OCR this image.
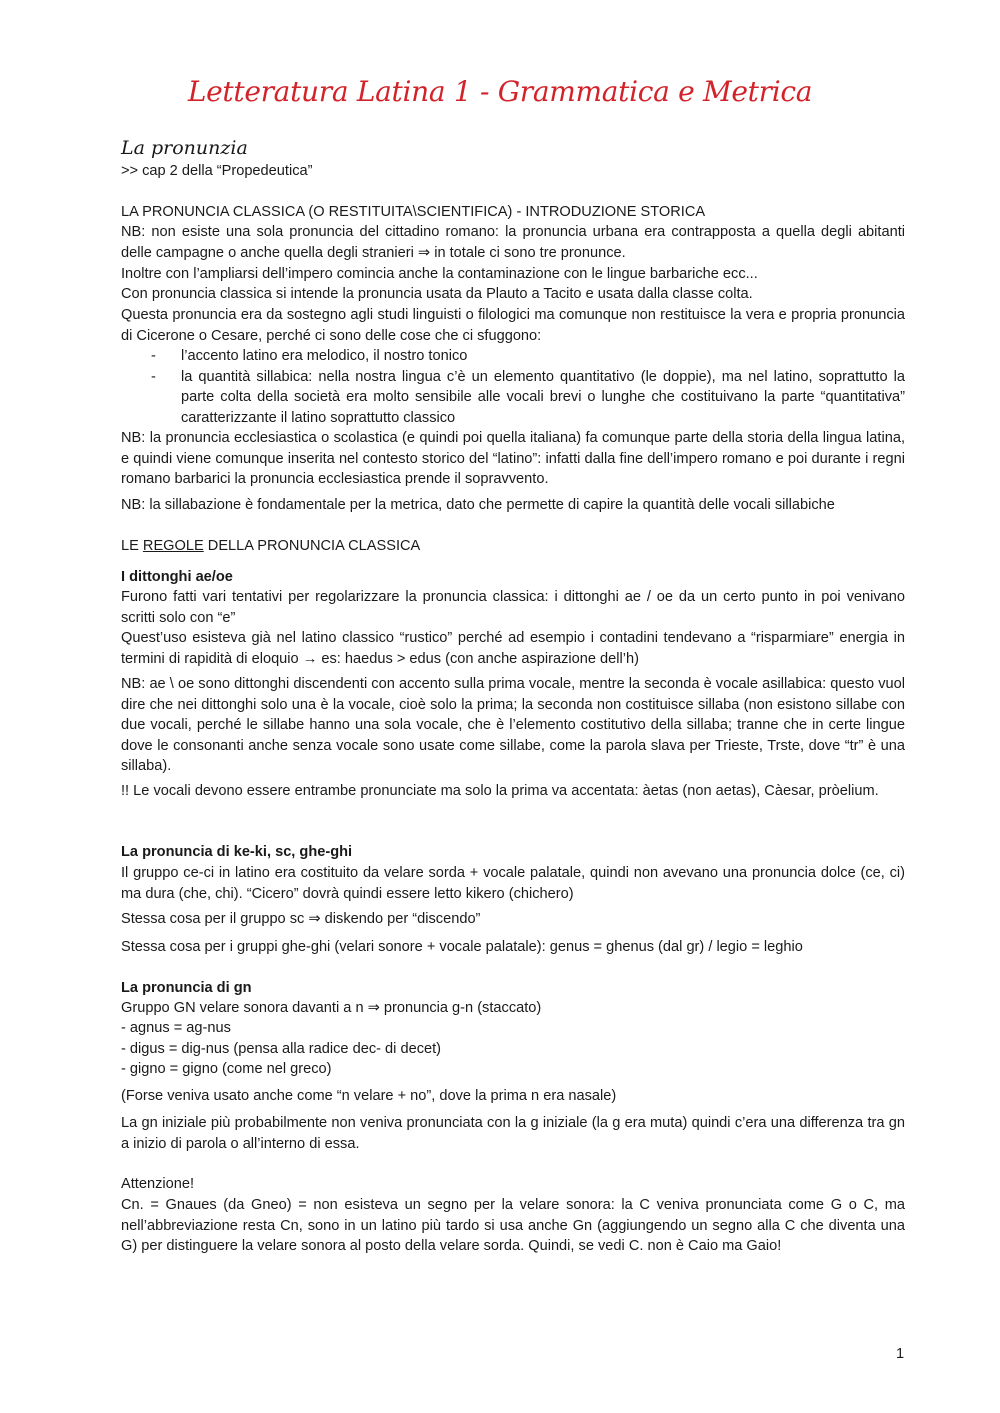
Letteratura Latina 1 - Grammatica e Metrica
La pronunzia

>> cap 2 della “Propedeutica”

LA PRONUNCIA CLASSICA (O RESTITUITA\SCIENTIFICA) - INTRODUZIONE STORICA

NB: non esiste una sola pronuncia del cittadino romano: la pronuncia urbana era contrapposta a quella degli abitanti delle campagne o anche quella degli stranieri ⇒ in totale ci sono tre pronunce.

Inoltre con l’ampliarsi dell’impero comincia anche la contaminazione con le lingue barbariche ecc...

Con pronuncia classica si intende la pronuncia usata da Plauto a Tacito e usata dalla classe colta.

Questa pronuncia era da sostegno agli studi linguisti o filologici ma comunque non restituisce la vera e propria pronuncia di Cicerone o Cesare, perché ci sono delle cose che ci sfuggono:

- l’accento latino era melodico, il nostro tonico
- la quantità sillabica: nella nostra lingua c’è un elemento quantitativo (le doppie), ma nel latino, soprattutto la parte colta della società era molto sensibile alle vocali brevi o lunghe che costituivano la parte “quantitativa” caratterizzante il latino soprattutto classico

NB: la pronuncia ecclesiastica o scolastica (e quindi poi quella italiana) fa comunque parte della storia della lingua latina, e quindi viene comunque inserita nel contesto storico del “latino”: infatti dalla fine dell’impero romano e poi durante i regni romano barbarici la pronuncia ecclesiastica prende il sopravvento.

NB: la sillabazione è fondamentale per la metrica, dato che permette di capire la quantità delle vocali sillabiche

LE REGOLE DELLA PRONUNCIA CLASSICA

I dittonghi ae/oe

Furono fatti vari tentativi per regolarizzare la pronuncia classica: i dittonghi ae / oe da un certo punto in poi venivano scritti solo con “e”

Quest’uso esisteva già nel latino classico “rustico” perché ad esempio i contadini tendevano a “risparmiare” energia in termini di rapidità di eloquio → es: haedus > edus (con anche aspirazione dell’h)

NB: ae \ oe sono dittonghi discendenti con accento sulla prima vocale, mentre la seconda è vocale asillabica: questo vuol dire che nei dittonghi solo una è la vocale, cioè solo la prima; la seconda non costituisce sillaba (non esistono sillabe con due vocali, perché le sillabe hanno una sola vocale, che è l’elemento costitutivo della sillaba; tranne che in certe lingue dove le consonanti anche senza vocale sono usate come sillabe, come la parola slava per Trieste, Trste, dove “tr” è una sillaba).

!! Le vocali devono essere entrambe pronunciate ma solo la prima va accentata: àetas (non aetas), Càesar, pròelium.

La pronuncia di ke-ki, sc, ghe-ghi

Il gruppo ce-ci in latino era costituito da velare sorda + vocale palatale, quindi non avevano una pronuncia dolce (ce, ci) ma dura (che, chi). “Cicero” dovrà quindi essere letto kikero (chichero)

Stessa cosa per il gruppo sc ⇒ diskendo per “discendo”

Stessa cosa per i gruppi ghe-ghi (velari sonore + vocale palatale): genus = ghenus (dal gr) / legio = leghio

La pronuncia di gn

Gruppo GN velare sonora davanti a n ⇒ pronuncia g-n (staccato)

- agnus = ag-nus

- digus = dig-nus (pensa alla radice dec- di decet)

- gigno = gigno (come nel greco)

(Forse veniva usato anche come “n velare + no”, dove la prima n era nasale)

La gn iniziale più probabilmente non veniva pronunciata con la g iniziale (la g era muta) quindi c’era una differenza tra gn a inizio di parola o all’interno di essa.

Attenzione!

Cn. = Gnaues (da Gneo) = non esisteva un segno per la velare sonora: la C veniva pronunciata come G o C, ma nell’abbreviazione resta Cn, sono in un latino più tardo si usa anche Gn (aggiungendo un segno alla C che diventa una G) per distinguere la velare sonora al posto della velare sorda. Quindi, se vedi C. non è Caio ma Gaio!

1
